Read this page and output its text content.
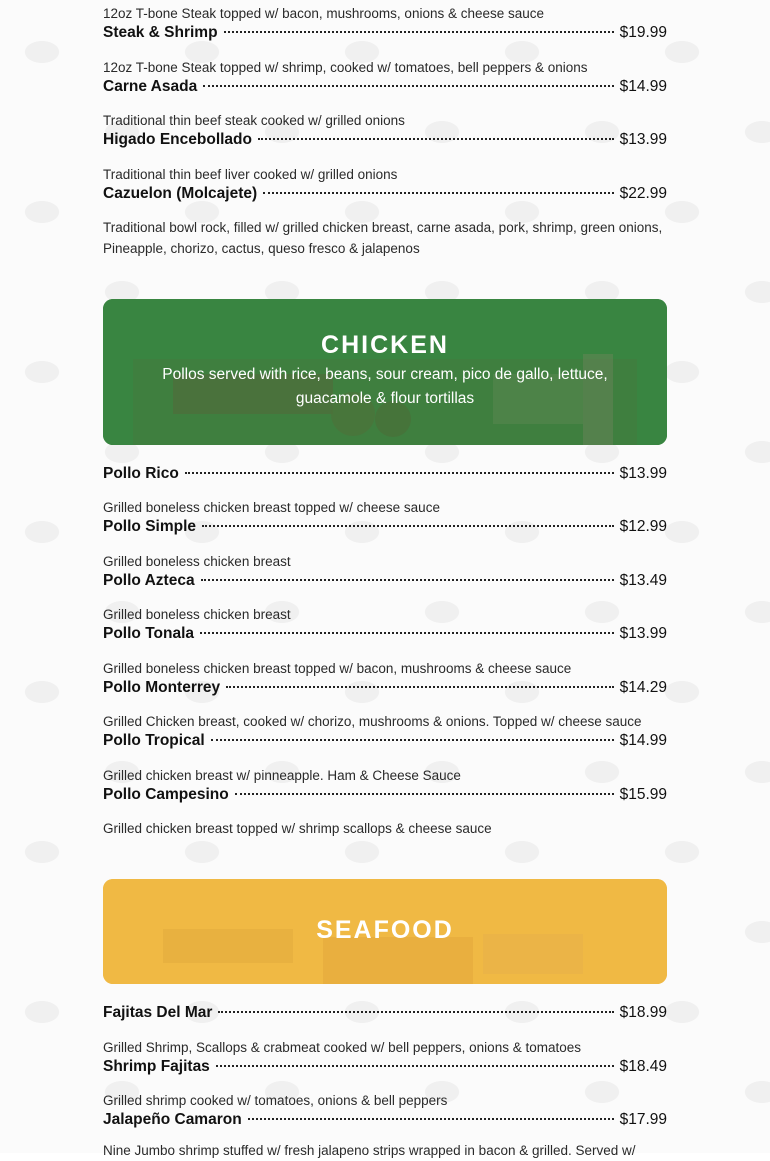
12oz T-bone Steak topped w/ bacon, mushrooms, onions & cheese sauce
Steak & Shrimp	$19.99
12oz T-bone Steak topped w/ shrimp, cooked w/ tomatoes, bell peppers & onions
Carne Asada	$14.99
Traditional thin beef steak cooked w/ grilled onions
Higado Encebollado	$13.99
Traditional thin beef liver cooked w/ grilled onions
Cazuelon (Molcajete)	$22.99
Traditional bowl rock, filled w/ grilled chicken breast, carne asada, pork, shrimp, green onions, Pineapple, chorizo, cactus, queso fresco & jalapenos
CHICKEN

Pollos served with rice, beans, sour cream, pico de gallo, lettuce, guacamole & flour tortillas

Pollo Rico	$13.99
Grilled boneless chicken breast topped w/ cheese sauce
Pollo Simple	$12.99
Grilled boneless chicken breast
Pollo Azteca	$13.49
Grilled boneless chicken breast
Pollo Tonala	$13.99
Grilled boneless chicken breast topped w/ bacon, mushrooms & cheese sauce
Pollo Monterrey	$14.29
Grilled Chicken breast, cooked w/ chorizo, mushrooms & onions. Topped w/ cheese sauce
Pollo Tropical	$14.99
Grilled chicken breast w/ pinneapple. Ham & Cheese Sauce
Pollo Campesino	$15.99
Grilled chicken breast topped w/ shrimp scallops & cheese sauce
SEAFOOD
Fajitas Del Mar	$18.99
Grilled Shrimp, Scallops & crabmeat cooked w/ bell peppers, onions & tomatoes
Shrimp Fajitas	$18.49
Grilled shrimp cooked w/ tomatoes, onions & bell peppers
Jalapeño Camaron	$17.99
Nine Jumbo shrimp stuffed w/ fresh jalapeno strips wrapped in bacon & grilled. Served w/
